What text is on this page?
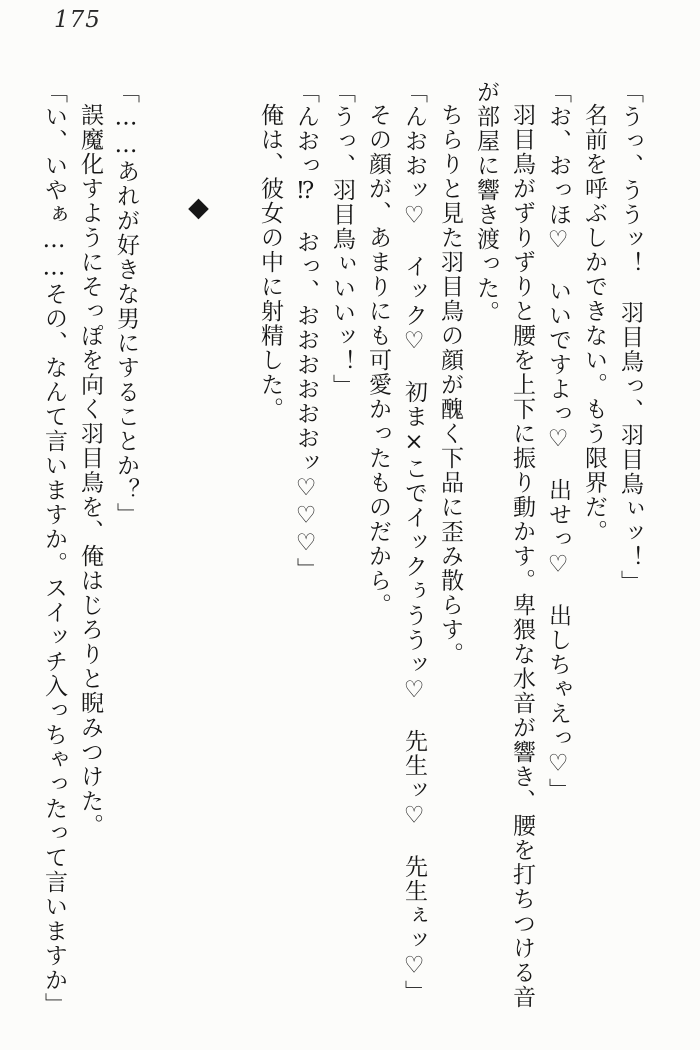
175

「うっ、ううッ！　羽目鳥っ、羽目鳥ぃッ！」

名前を呼ぶしかできない。もう限界だ。

「お、おっほ♡　いいですよっ♡　出せっ♡　出しちゃえっ♡」

羽目鳥がずりずりと腰を上下に振り動かす。卑猥な水音が響き、腰を打ちつける音

が部屋に響き渡った。

ちらりと見た羽目鳥の顔が醜く下品に歪み散らす。

「んおおッ♡　イック♡　初ま×こでイックぅううッ♡　先生ッ♡　先生ぇッ♡」

その顔が、あまりにも可愛かったものだから。

「うっ、羽目鳥ぃいいッ！」

「んおっ⁉　おっ、おおおおおおッ♡♡♡」

俺は、彼女の中に射精した。

◆

「……あれが好きな男にすることか？」

誤魔化すようにそっぽを向く羽目鳥を、俺はじろりと睨みつけた。

「い、いやぁ……その、なんて言いますか。スイッチ入っちゃったって言いますか」
